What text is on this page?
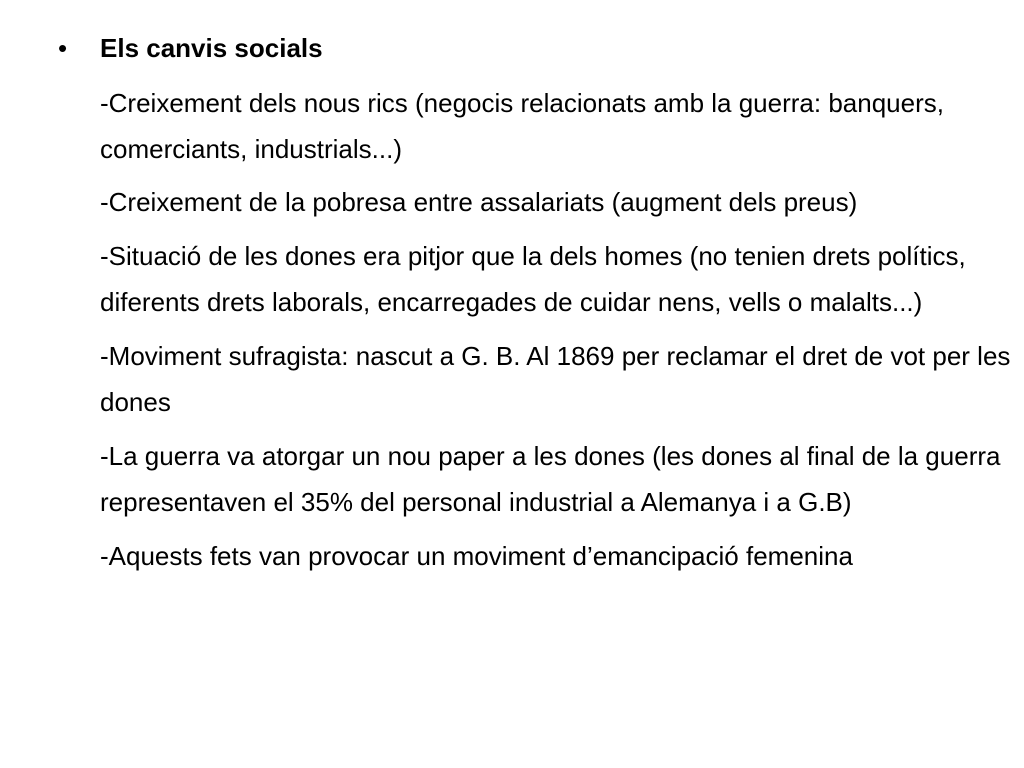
•	Els canvis socials
-Creixement dels nous rics (negocis relacionats amb la guerra: banquers, comerciants, industrials...)
-Creixement de la pobresa entre assalariats (augment dels preus)
-Situació de les dones era pitjor que la dels homes (no tenien drets polítics, diferents drets laborals, encarregades de cuidar nens, vells o malalts...)
-Moviment sufragista: nascut a G. B. Al 1869 per reclamar el dret de vot per les dones
-La guerra va atorgar un nou paper a les dones (les dones al final de la guerra representaven el 35% del personal industrial a Alemanya i a G.B)
-Aquests fets van provocar un moviment d’emancipació femenina
